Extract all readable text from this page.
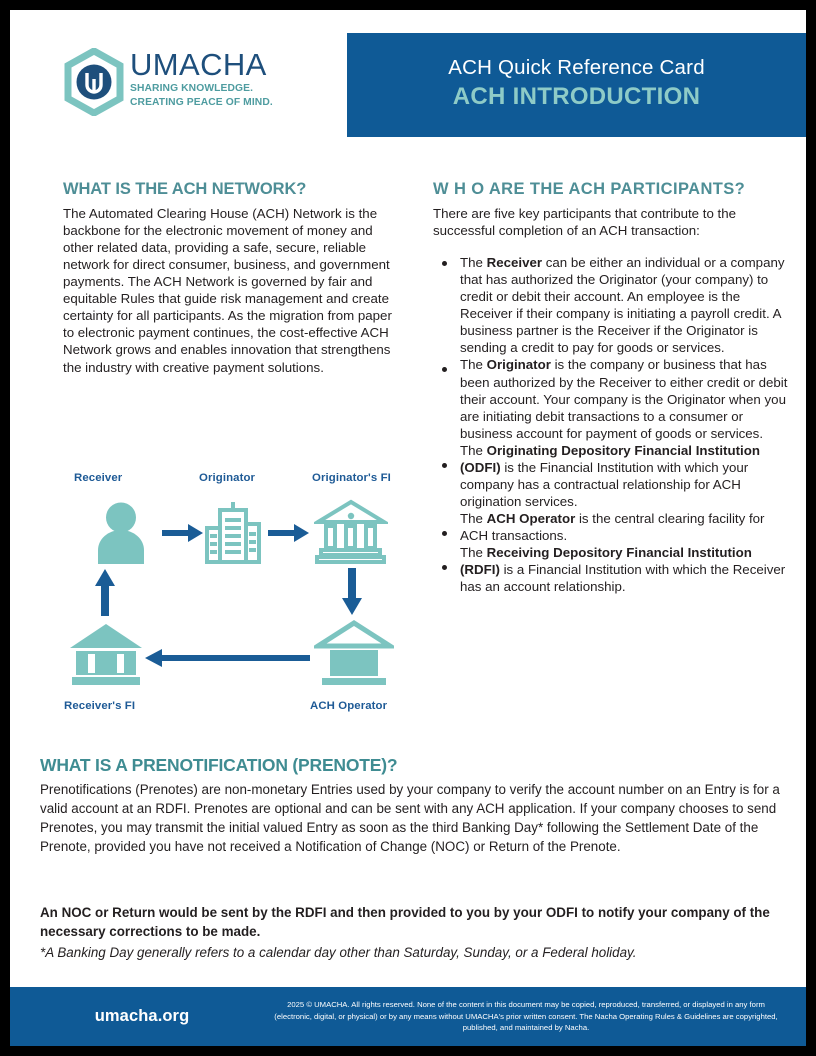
UMACHA
SHARING KNOWLEDGE.
CREATING PEACE OF MIND.
ACH Quick Reference Card
ACH INTRODUCTION
WHAT IS THE ACH NETWORK?
The Automated Clearing House (ACH) Network is the backbone for the electronic movement of money and other related data, providing a safe, secure, reliable network for direct consumer, business, and government payments. The ACH Network is governed by fair and equitable Rules that guide risk management and create certainty for all participants. As the migration from paper to electronic payment continues, the cost-effective ACH Network grows and enables innovation that strengthens the industry with creative payment solutions.
W H O ARE THE ACH PARTICIPANTS?
There are five key participants that contribute to the successful completion of an ACH transaction:
The Receiver can be either an individual or a company that has authorized the Originator (your company) to credit or debit their account. An employee is the Receiver if their company is initiating a payroll credit. A business partner is the Receiver if the Originator is sending a credit to pay for goods or services.
The Originator is the company or business that has been authorized by the Receiver to either credit or debit their account. Your company is the Originator when you are initiating debit transactions to a consumer or business account for payment of goods or services.
The Originating Depository Financial Institution (ODFI) is the Financial Institution with which your company has a contractual relationship for ACH origination services.
The ACH Operator is the central clearing facility for ACH transactions.
The Receiving Depository Financial Institution (RDFI) is a Financial Institution with which the Receiver has an account relationship.
Receiver	Originator	Originator's FI
ACH Operator
Receiver's FI
WHAT IS A PRENOTIFICATION (PRENOTE)?
Prenotifications (Prenotes) are non-monetary Entries used by your company to verify the account number on an Entry is for a valid account at an RDFI. Prenotes are optional and can be sent with any ACH application. If your company chooses to send Prenotes, you may transmit the initial valued Entry as soon as the third Banking Day* following the Settlement Date of the Prenote, provided you have not received a Notification of Change (NOC) or Return of the Prenote.
An NOC or Return would be sent by the RDFI and then provided to you by your ODFI to notify your company of the necessary corrections to be made.
*A Banking Day generally refers to a calendar day other than Saturday, Sunday, or a Federal holiday.
umacha.org
2025 © UMACHA. All rights reserved. None of the content in this document may be copied, reproduced, transferred, or displayed in any form (electronic, digital, or physical) or by any means without UMACHA's prior written consent. The Nacha Operating Rules & Guidelines are copyrighted, published, and maintained by Nacha.
